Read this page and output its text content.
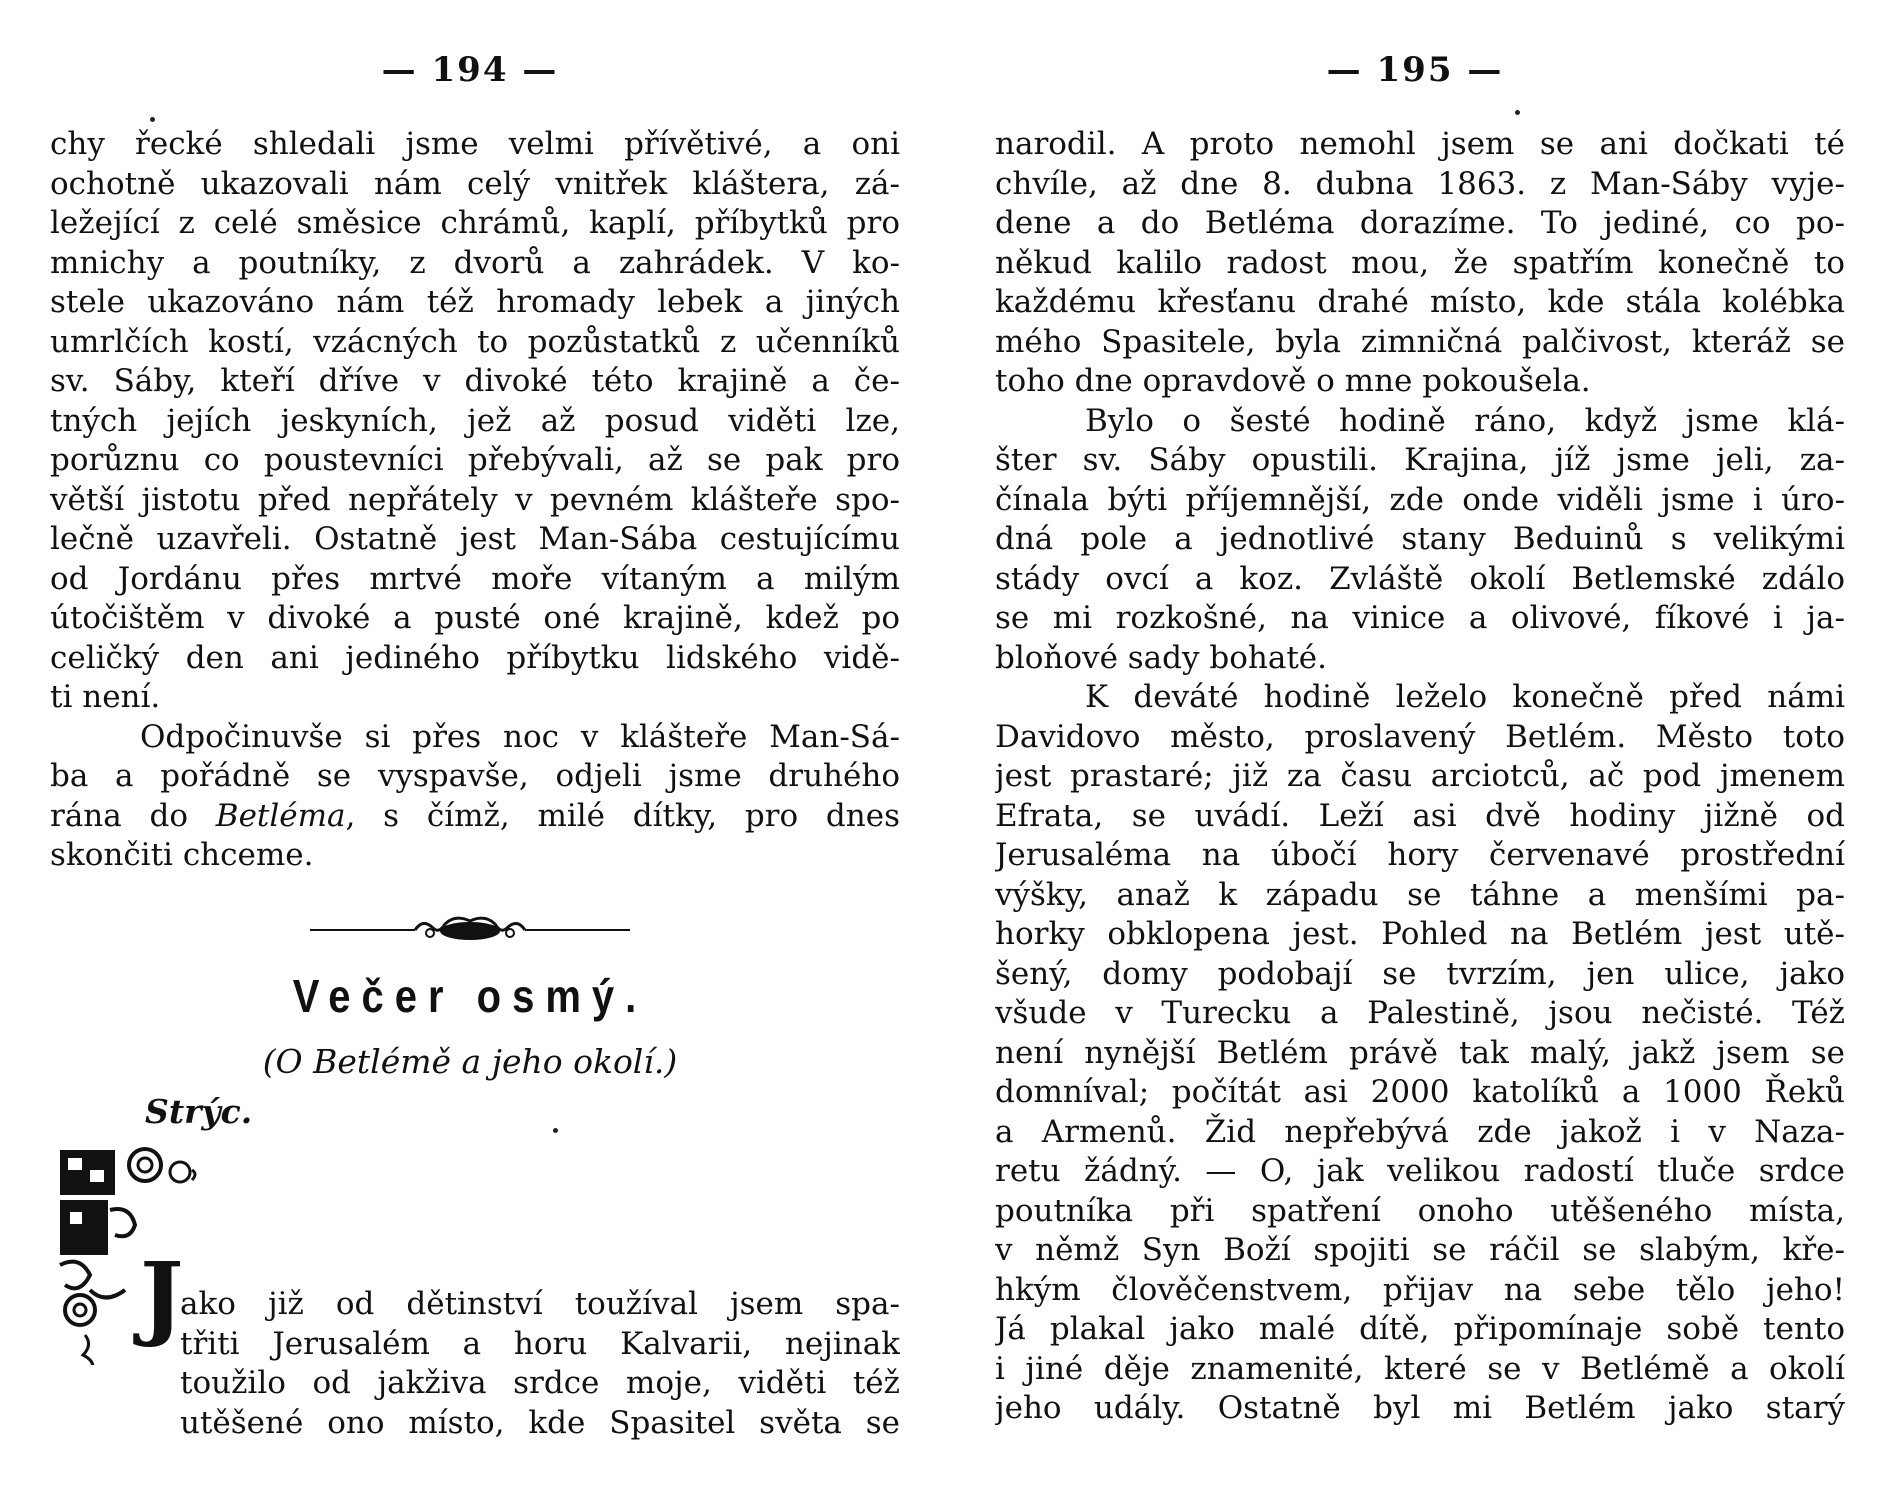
— 194 —
chy řecké shledali jsme velmi přívětivé, a oni
ochotně ukazovali nám celý vnitřek kláštera, zá-
ležející z celé směsice chrámů, kaplí, příbytků pro
mnichy a poutníky, z dvorů a zahrádek. V ko-
stele ukazováno nám též hromady lebek a jiných
umrlčích kostí, vzácných to pozůstatků z učenníků
sv. Sáby, kteří dříve v divoké této krajině a če-
tných jejích jeskyních, jež až posud viděti lze,
porůznu co poustevníci přebývali, až se pak pro
větší jistotu před nepřátely v pevném klášteře spo-
lečně uzavřeli. Ostatně jest Man-Sába cestujícímu
od Jordánu přes mrtvé moře vítaným a milým
útočištěm v divoké a pusté oné krajině, kdež po
celičký den ani jediného příbytku lidského vidě-
ti není.
Odpočinuvše si přes noc v klášteře Man-Sá-
ba a pořádně se vyspavše, odjeli jsme druhého
rána do Betléma, s čímž, milé dítky, pro dnes
skončiti chceme.
Večer osmý.
(O Betlémě a jeho okolí.)
Strýc.
J
ako již od dětinství toužíval jsem spa-
třiti Jerusalém a horu Kalvarii, nejinak
toužilo od jakživa srdce moje, viděti též
utěšené ono místo, kde Spasitel světa se
— 195 —
narodil. A proto nemohl jsem se ani dočkati té
chvíle, až dne 8. dubna 1863. z Man-Sáby vyje-
dene a do Betléma dorazíme. To jediné, co po-
někud kalilo radost mou, že spatřím konečně to
každému křesťanu drahé místo, kde stála kolébka
mého Spasitele, byla zimničná palčivost, kteráž se
toho dne opravdově o mne pokoušela.
Bylo o šesté hodině ráno, když jsme klá-
šter sv. Sáby opustili. Krajina, jíž jsme jeli, za-
čínala býti příjemnější, zde onde viděli jsme i úro-
dná pole a jednotlivé stany Beduinů s velikými
stády ovcí a koz. Zvláště okolí Betlemské zdálo
se mi rozkošné, na vinice a olivové, fíkové i ja-
bloňové sady bohaté.
K deváté hodině leželo konečně před námi
Davidovo město, proslavený Betlém. Město toto
jest prastaré; již za času arciotců, ač pod jmenem
Efrata, se uvádí. Leží asi dvě hodiny jižně od
Jerusaléma na úbočí hory červenavé prostřední
výšky, anaž k západu se táhne a menšími pa-
horky obklopena jest. Pohled na Betlém jest utě-
šený, domy podobají se tvrzím, jen ulice, jako
všude v Turecku a Palestině, jsou nečisté. Též
není nynější Betlém právě tak malý, jakž jsem se
domníval; počítát asi 2000 katolíků a 1000 Řeků
a Armenů. Žid nepřebývá zde jakož i v Naza-
retu žádný. — O, jak velikou radostí tluče srdce
poutníka při spatření onoho utěšeného místa,
v němž Syn Boží spojiti se ráčil se slabým, kře-
hkým člověčenstvem, přijav na sebe tělo jeho!
Já plakal jako malé dítě, připomínaje sobě tento
i jiné děje znamenité, které se v Betlémě a okolí
jeho udály. Ostatně byl mi Betlém jako starý
